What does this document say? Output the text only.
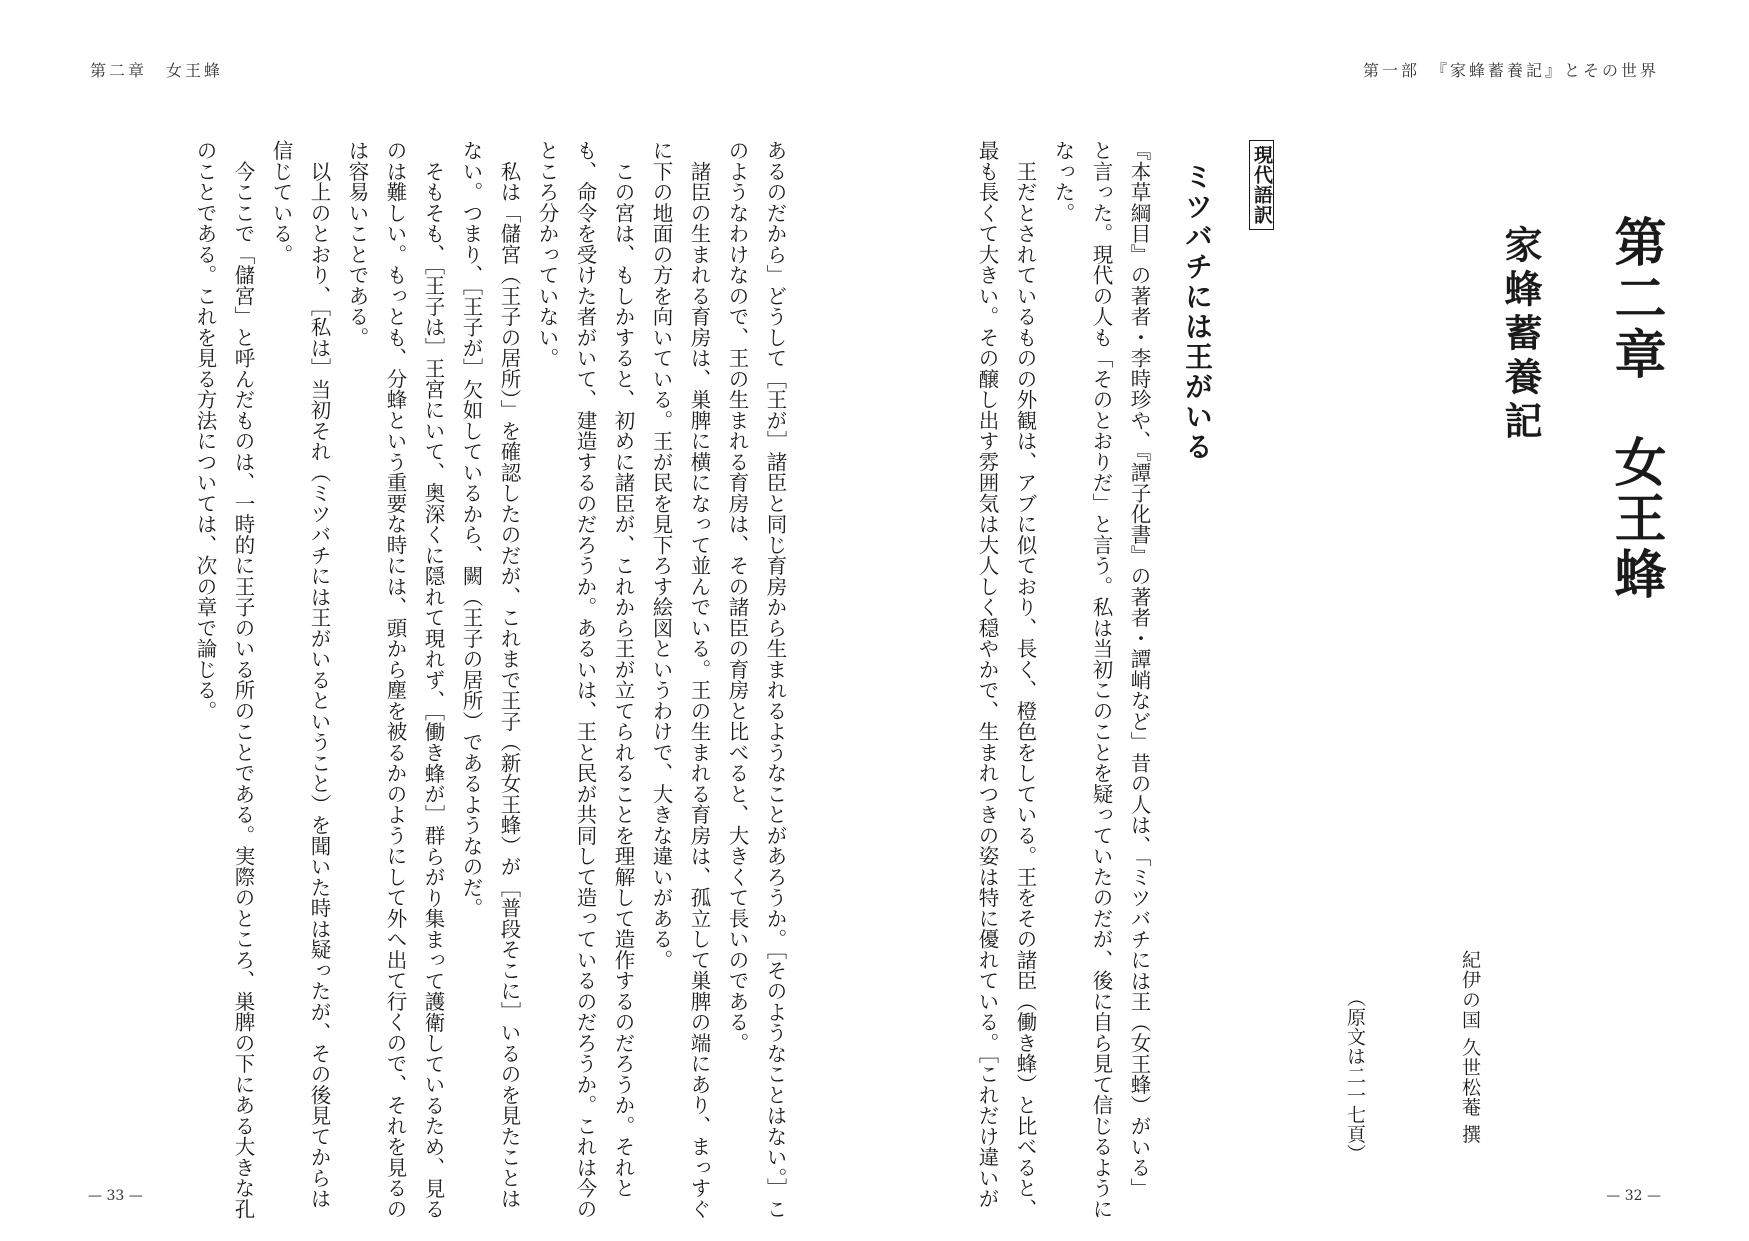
第二章　女王蜂
あるのだから」どうして［王が］諸臣と同じ育房から生まれるようなことがあろうか。［そのようなことはない。］こ
のようなわけなので、王の生まれる育房は、その諸臣の育房と比べると、大きくて長いのである。
　諸臣の生まれる育房は、巣脾に横になって並んでいる。王の生まれる育房は、孤立して巣脾の端にあり、まっすぐ
に下の地面の方を向いている。王が民を見下ろす絵図というわけで、大きな違いがある。
　この宮は、もしかすると、初めに諸臣が、これから王が立てられることを理解して造作するのだろうか。それと
も、命令を受けた者がいて、建造するのだろうか。あるいは、王と民が共同して造っているのだろうか。これは今の
ところ分かっていない。
　私は「儲宮（王子の居所）」を確認したのだが、これまで王子（新女王蜂）が［普段そこに］いるのを見たことは
ない。つまり、［王子が］欠如しているから、闕（王子の居所）であるようなのだ。
　そもそも、［王子は］王宮にいて、奥深くに隠れて現れず、［働き蜂が］群らがり集まって護衛しているため、見る
のは難しい。もっとも、分蜂という重要な時には、頭から塵を被るかのようにして外へ出て行くので、それを見るの
は容易いことである。
　以上のとおり、［私は］当初それ（ミツバチには王がいるということ）を聞いた時は疑ったが、その後見てからは
信じている。
　今ここで「儲宮」と呼んだものは、一時的に王子のいる所のことである。実際のところ、巣脾の下にある大きな孔
のことである。これを見る方法については、次の章で論じる。
— 33 —
第一部　『家蜂蓄養記』とその世界
第二章女王蜂
家蜂蓄養記
紀伊の国 久世松菴 撰
（原文は二一七頁）
現代語訳
ミツバチには王がいる
『本草綱目』の著者・李時珍や、『譚子化書』の著者・譚峭など」昔の人は、「ミツバチには王（女王蜂）がいる」
と言った。現代の人も「そのとおりだ」と言う。私は当初このことを疑っていたのだが、後に自ら見て信じるように
なった。
　王だとされているものの外観は、アブに似ており、長く、橙色をしている。王をその諸臣（働き蜂）と比べると、
最も長くて大きい。その醸し出す雰囲気は大人しく穏やかで、生まれつきの姿は特に優れている。［これだけ違いが	— 32 —
